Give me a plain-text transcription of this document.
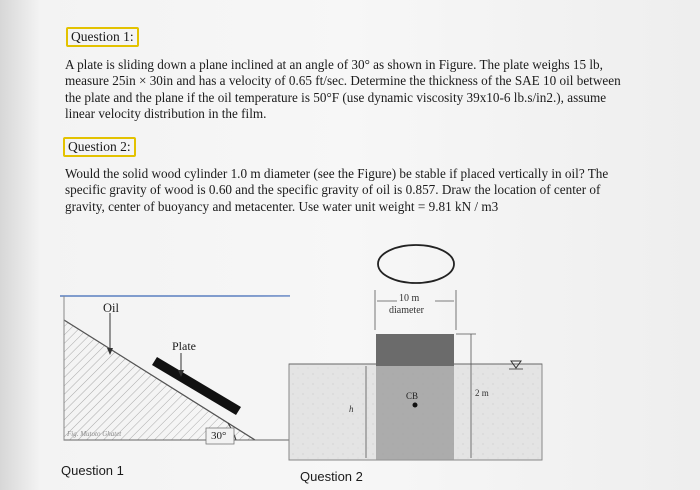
Question 1:

A plate is sliding down a plane inclined at an angle of 30° as shown in Figure. The plate weighs 15 lb, measure 25in × 30in and has a velocity of 0.65 ft/sec. Determine the thickness of the SAE 10 oil between the plate and the plane if the oil temperature is 50°F (use dynamic viscosity 39x10-6 lb.s/in2.), assume linear velocity distribution in the film.

Question 2:

Would the solid wood cylinder 1.0 m diameter (see the Figure) be stable if placed vertically in oil? The specific gravity of wood is 0.60 and the specific gravity of oil is 0.857. Draw the location of center of gravity, center of buoyancy and metacenter. Use water unit weight = 9.81 kN / m3

Oil
Plate
30°
Fig. Mutoto Ghatet
Question 1
10 m
diameter
CB	2 m
h
Question 2
